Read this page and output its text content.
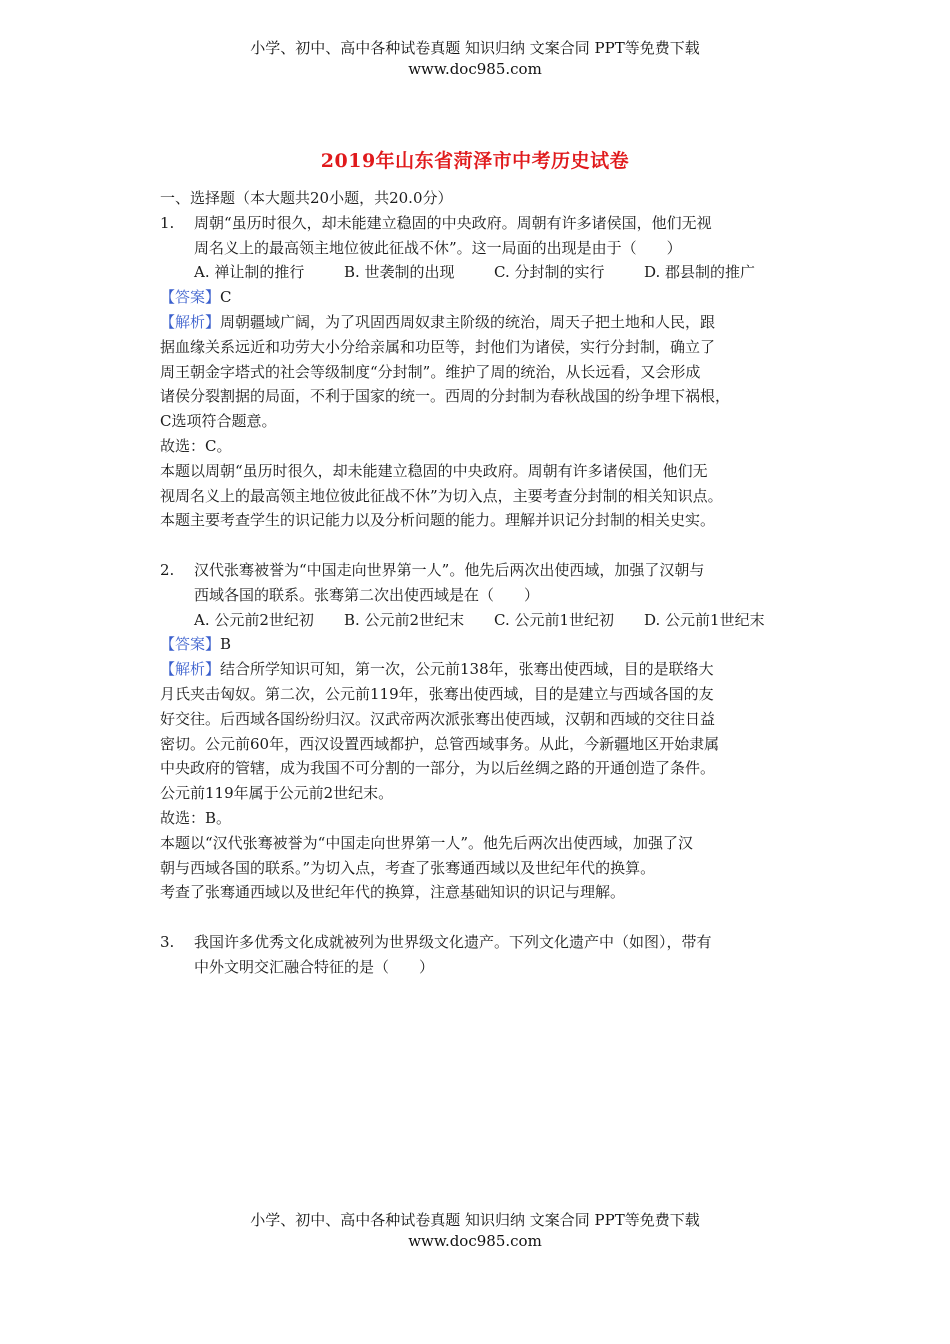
小学、初中、高中各种试卷真题 知识归纳 文案合同 PPT等免费下载
www.doc985.com
2019年山东省菏泽市中考历史试卷
一、选择题（本大题共20小题，共20.0分）
1. 周朝“虽历时很久，却未能建立稳固的中央政府。周朝有许多诸侯国，他们无视
周名义上的最高领主地位彼此征战不休”。这一局面的出现是由于（　　）
A. 禅让制的推行	B. 世袭制的出现	C. 分封制的实行	D. 郡县制的推广
【答案】C
【解析】周朝疆域广阔，为了巩固西周奴隶主阶级的统治，周天子把土地和人民，跟
据血缘关系远近和功劳大小分给亲属和功臣等，封他们为诸侯，实行分封制，确立了
周王朝金字塔式的社会等级制度“分封制”。维护了周的统治，从长远看，又会形成
诸侯分裂割据的局面，不利于国家的统一。西周的分封制为春秋战国的纷争埋下祸根，
C选项符合题意。
故选：C。
本题以周朝“虽历时很久，却未能建立稳固的中央政府。周朝有许多诸侯国，他们无
视周名义上的最高领主地位彼此征战不休”为切入点，主要考查分封制的相关知识点。
本题主要考查学生的识记能力以及分析问题的能力。理解并识记分封制的相关史实。
2. 汉代张骞被誉为“中国走向世界第一人”。他先后两次出使西域，加强了汉朝与
西域各国的联系。张骞第二次出使西域是在（　　）
A. 公元前2世纪初	B. 公元前2世纪末	C. 公元前1世纪初	D. 公元前1世纪末
【答案】B
【解析】结合所学知识可知，第一次，公元前138年，张骞出使西域，目的是联络大
月氏夹击匈奴。第二次，公元前119年，张骞出使西域，目的是建立与西域各国的友
好交往。后西域各国纷纷归汉。汉武帝两次派张骞出使西域，汉朝和西域的交往日益
密切。公元前60年，西汉设置西域都护，总管西域事务。从此，今新疆地区开始隶属
中央政府的管辖，成为我国不可分割的一部分，为以后丝绸之路的开通创造了条件。
公元前119年属于公元前2世纪末。
故选：B。
本题以“汉代张骞被誉为“中国走向世界第一人”。他先后两次出使西域，加强了汉
朝与西域各国的联系。”为切入点，考查了张骞通西域以及世纪年代的换算。
考查了张骞通西域以及世纪年代的换算，注意基础知识的识记与理解。
3. 我国许多优秀文化成就被列为世界级文化遗产。下列文化遗产中（如图），带有
中外文明交汇融合特征的是（　　）
小学、初中、高中各种试卷真题 知识归纳 文案合同 PPT等免费下载
www.doc985.com
